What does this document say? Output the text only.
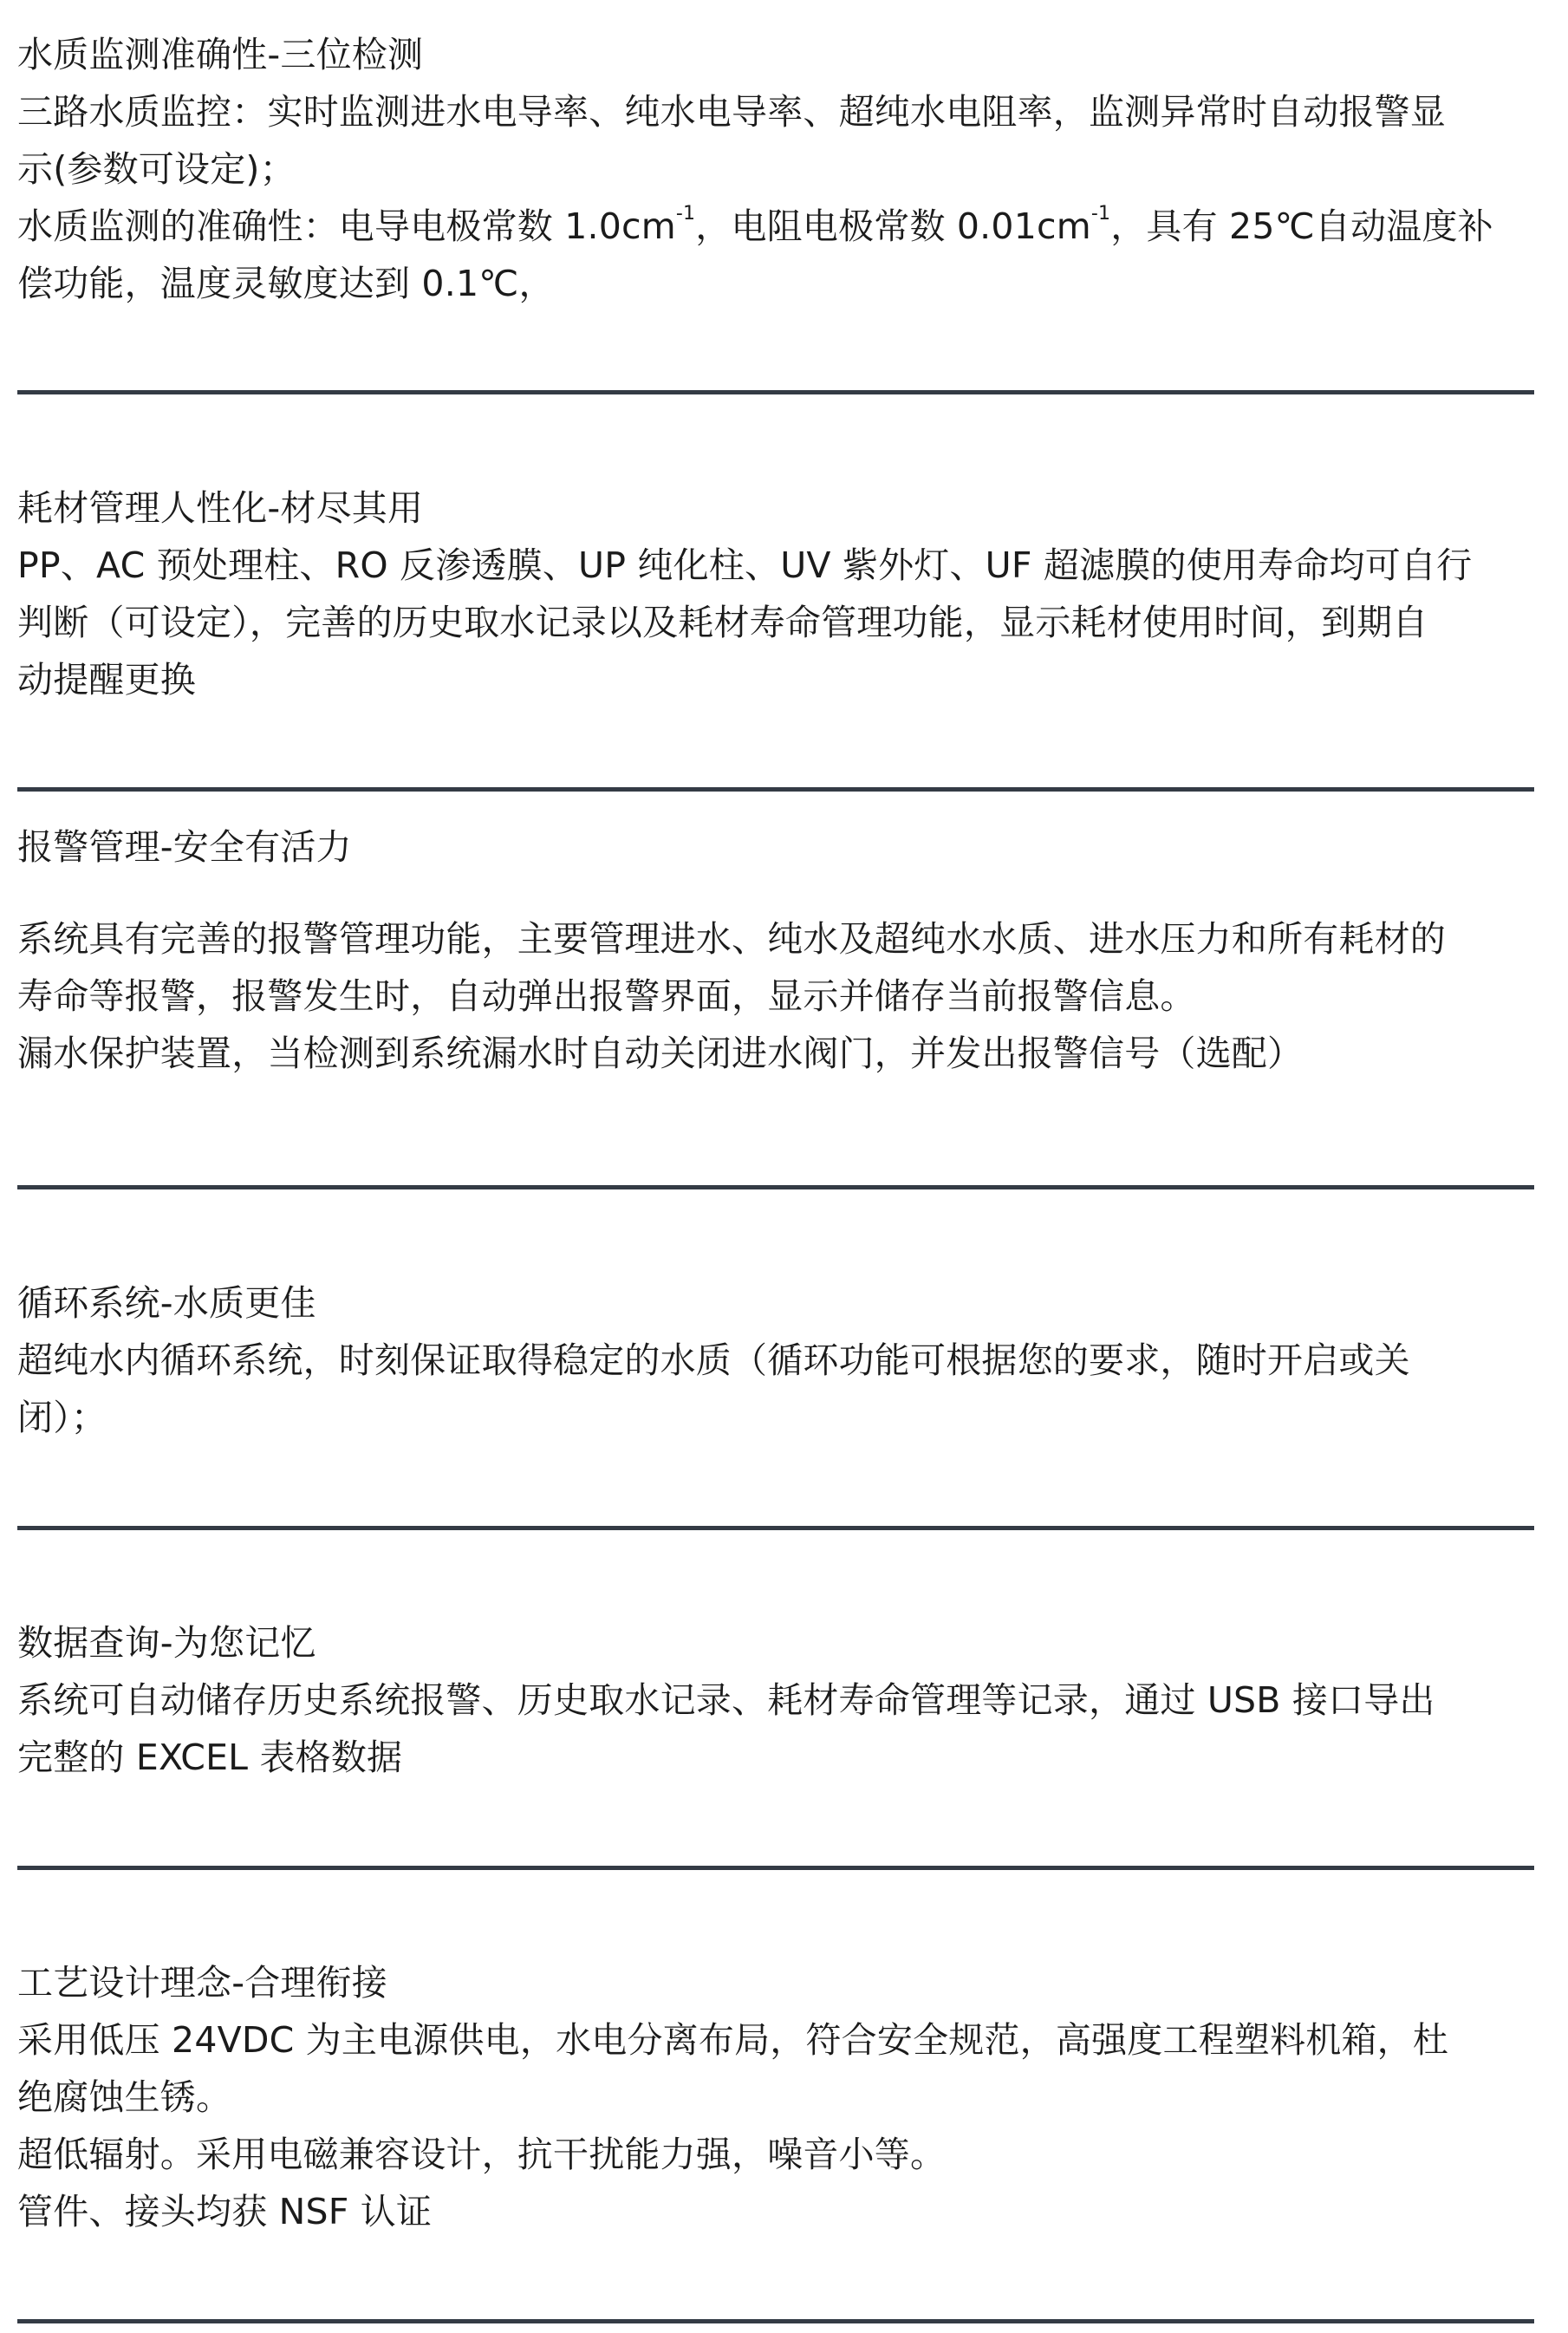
水质监测准确性-三位检测
三路水质监控：实时监测进水电导率、纯水电导率、超纯水电阻率，监测异常时自动报警显
示(参数可设定)；
水质监测的准确性：电导电极常数 $1.0cm^{-1}$，电阻电极常数 $0.01cm^{-1}$，具有 25℃自动温度补
偿功能，温度灵敏度达到 0.1℃，
耗材管理人性化-材尽其用
PP、AC 预处理柱、RO 反渗透膜、UP 纯化柱、UV 紫外灯、UF 超滤膜的使用寿命均可自行
判断（可设定），完善的历史取水记录以及耗材寿命管理功能，显示耗材使用时间，到期自
动提醒更换
报警管理-安全有活力
系统具有完善的报警管理功能，主要管理进水、纯水及超纯水水质、进水压力和所有耗材的
寿命等报警，报警发生时，自动弹出报警界面，显示并储存当前报警信息。
漏水保护装置，当检测到系统漏水时自动关闭进水阀门，并发出报警信号（选配）
循环系统-水质更佳
超纯水内循环系统，时刻保证取得稳定的水质（循环功能可根据您的要求，随时开启或关
闭）；
数据查询-为您记忆
系统可自动储存历史系统报警、历史取水记录、耗材寿命管理等记录，通过 USB 接口导出
完整的 EXCEL 表格数据
工艺设计理念-合理衔接
采用低压 24VDC 为主电源供电，水电分离布局，符合安全规范，高强度工程塑料机箱，杜
绝腐蚀生锈。
超低辐射。采用电磁兼容设计，抗干扰能力强，噪音小等。
管件、接头均获 NSF 认证
